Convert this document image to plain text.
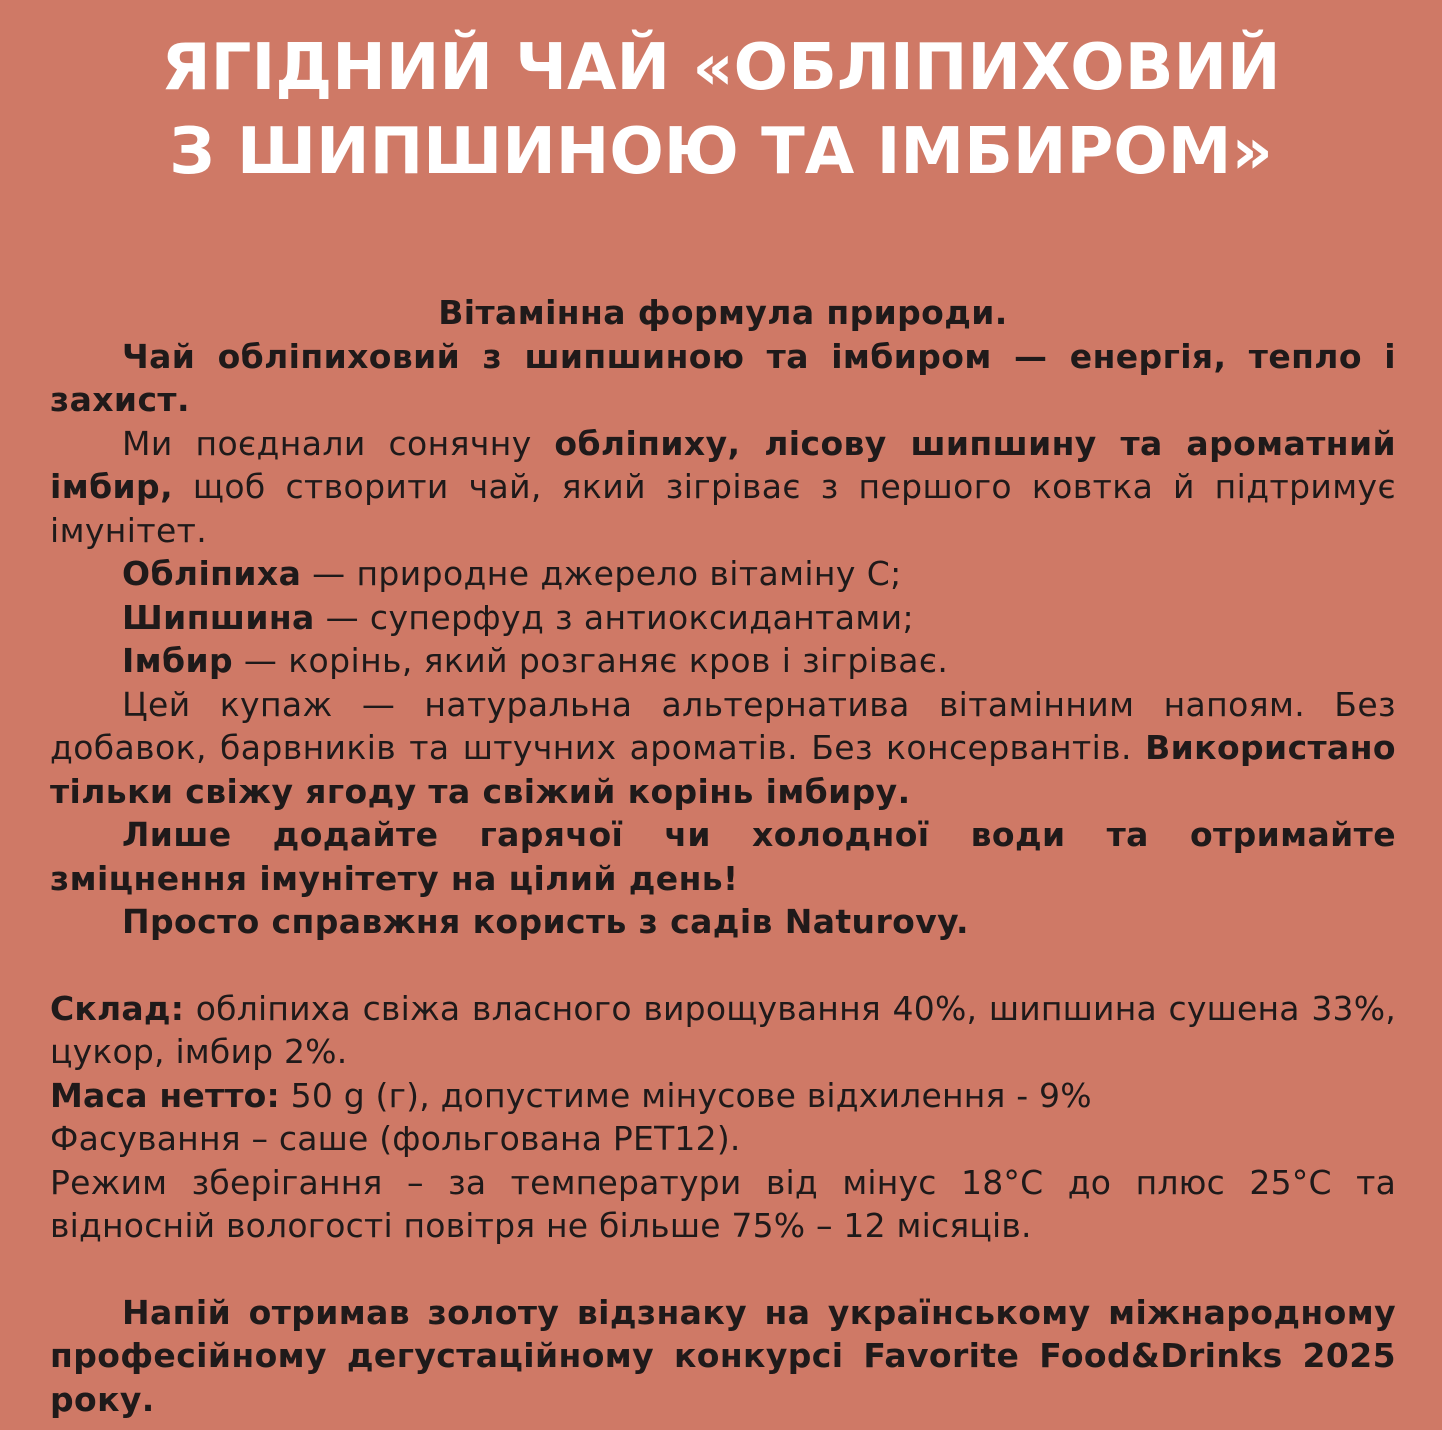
ЯГІДНИЙ ЧАЙ «ОБЛІПИХОВИЙ
З ШИПШИНОЮ ТА ІМБИРОМ»

Вітамінна формула природи.

Чай обліпиховий з шипшиною та імбиром — енергія, тепло і захист.

Ми поєднали сонячну обліпиху, лісову шипшину та ароматний імбир, щоб створити чай, який зігріває з першого ковтка й підтримує імунітет.

Обліпиха — природне джерело вітаміну С;

Шипшина — суперфуд з антиоксидантами;

Імбир — корінь, який розганяє кров і зігріває.

Цей купаж — натуральна альтернатива вітамінним напоям. Без добавок, барвників та штучних ароматів. Без консервантів. Використано тільки свіжу ягоду та свіжий корінь імбиру.

Лише додайте гарячої чи холодної води та отримайте зміцнення імунітету на цілий день!

Просто справжня користь з садів Naturovy.

Склад: обліпиха свіжа власного вирощування 40%, шипшина сушена 33%, цукор, імбир 2%.

Маса нетто: 50 g (г), допустиме мінусове відхилення - 9%

Фасування – саше (фольгована PET12).

Режим зберігання – за температури від мінус 18°С до плюс 25°С та відносній вологості повітря не більше 75% – 12 місяців.

Напій отримав золоту відзнаку на українському міжнародному професійному дегустаційному конкурсі Favorite Food&Drinks 2025 року.
